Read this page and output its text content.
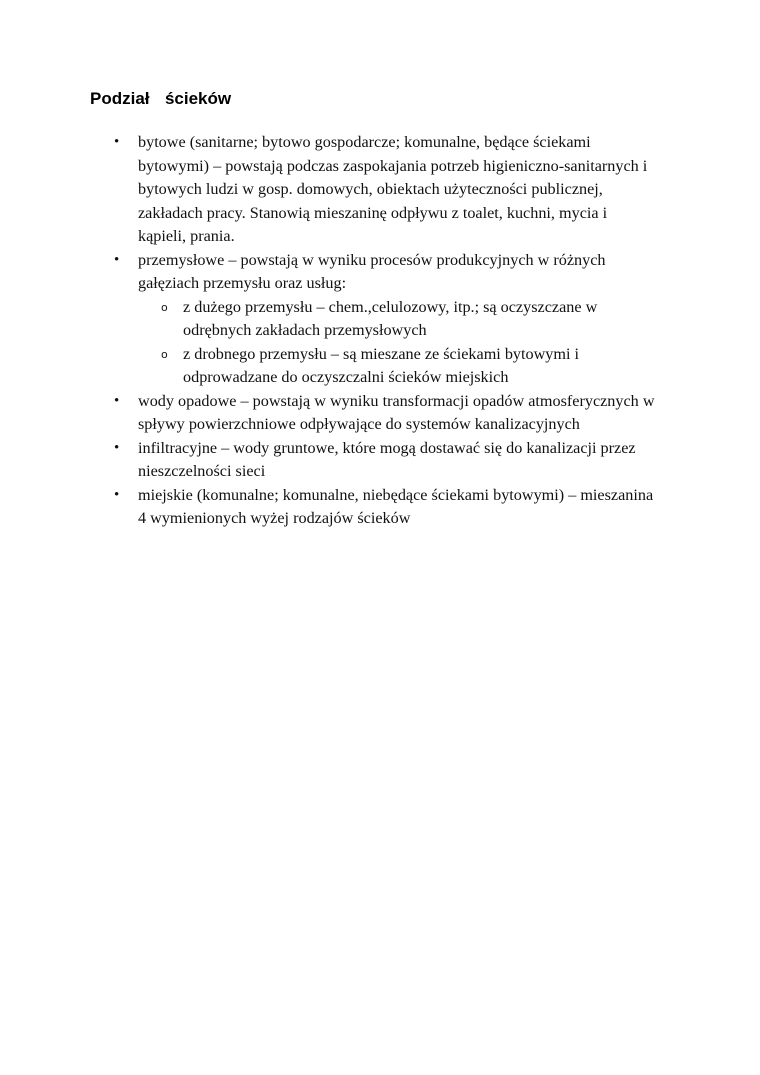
Podział  ścieków
• bytowe (sanitarne; bytowo gospodarcze; komunalne, będące ściekami bytowymi) – powstają podczas zaspokajania potrzeb higieniczno-sanitarnych i bytowych ludzi w gosp. domowych, obiektach użyteczności publicznej, zakładach pracy. Stanowią mieszaninę odpływu z toalet, kuchni, mycia i kąpieli, prania.
• przemysłowe – powstają w wyniku procesów produkcyjnych w różnych gałęziach przemysłu oraz usług:
o z dużego przemysłu – chem.,celulozowy, itp.; są oczyszczane w odrębnych zakładach przemysłowych
o z drobnego przemysłu – są mieszane ze ściekami bytowymi i odprowadzane do oczyszczalni ścieków miejskich
• wody opadowe – powstają w wyniku transformacji opadów atmosferycznych w spływy powierzchniowe odpływające do systemów kanalizacyjnych
• infiltracyjne – wody gruntowe, które mogą dostawać się do kanalizacji przez nieszczelności sieci
• miejskie (komunalne; komunalne, niebędące ściekami bytowymi) – mieszanina 4 wymienionych wyżej rodzajów ścieków
